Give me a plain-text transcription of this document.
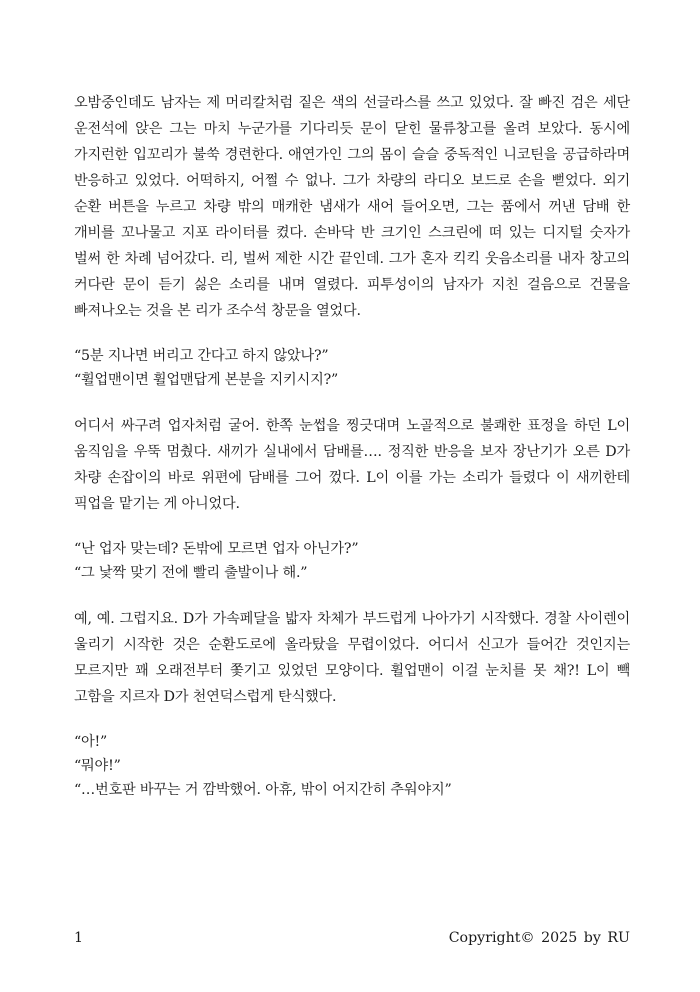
오밤중인데도 남자는 제 머리칼처럼 짙은 색의 선글라스를 쓰고 있었다. 잘 빠진 검은 세단 운전석에 앉은 그는 마치 누군가를 기다리듯 문이 닫힌 물류창고를 올려 보았다. 동시에 가지런한 입꼬리가 불쑥 경련한다. 애연가인 그의 몸이 슬슬 중독적인 니코틴을 공급하라며 반응하고 있었다. 어떡하지, 어쩔 수 없나. 그가 차량의 라디오 보드로 손을 뻗었다. 외기 순환 버튼을 누르고 차량 밖의 매캐한 냄새가 새어 들어오면, 그는 품에서 꺼낸 담배 한 개비를 꼬나물고 지포 라이터를 켰다. 손바닥 반 크기인 스크린에 떠 있는 디지털 숫자가 벌써 한 차례 넘어갔다. 리, 벌써 제한 시간 끝인데. 그가 혼자 킥킥 웃음소리를 내자 창고의 커다란 문이 듣기 싫은 소리를 내며 열렸다. 피투성이의 남자가 지친 걸음으로 건물을 빠져나오는 것을 본 리가 조수석 창문을 열었다.

“5분 지나면 버리고 간다고 하지 않았나?”

“휠업맨이면 휠업맨답게 본분을 지키시지?”

어디서 싸구려 업자처럼 굴어. 한쪽 눈썹을 찡긋대며 노골적으로 불쾌한 표정을 하던 L이 움직임을 우뚝 멈췄다. 새끼가 실내에서 담배를…. 정직한 반응을 보자 장난기가 오른 D가 차량 손잡이의 바로 위편에 담배를 그어 껐다. L이 이를 가는 소리가 들렸다 이 새끼한테 픽업을 맡기는 게 아니었다.

“난 업자 맞는데? 돈밖에 모르면 업자 아닌가?”

“그 낯짝 맞기 전에 빨리 출발이나 해.”

예, 예. 그럽지요. D가 가속페달을 밟자 차체가 부드럽게 나아가기 시작했다. 경찰 사이렌이 울리기 시작한 것은 순환도로에 올라탔을 무렵이었다. 어디서 신고가 들어간 것인지는 모르지만 꽤 오래전부터 쫓기고 있었던 모양이다. 휠업맨이 이걸 눈치를 못 채?! L이 빽 고함을 지르자 D가 천연덕스럽게 탄식했다.

“아!”

“뭐야!”

“…번호판 바꾸는 거 깜박했어. 아휴, 밖이 어지간히 추워야지”

1	Copyright© 2025 by RU
